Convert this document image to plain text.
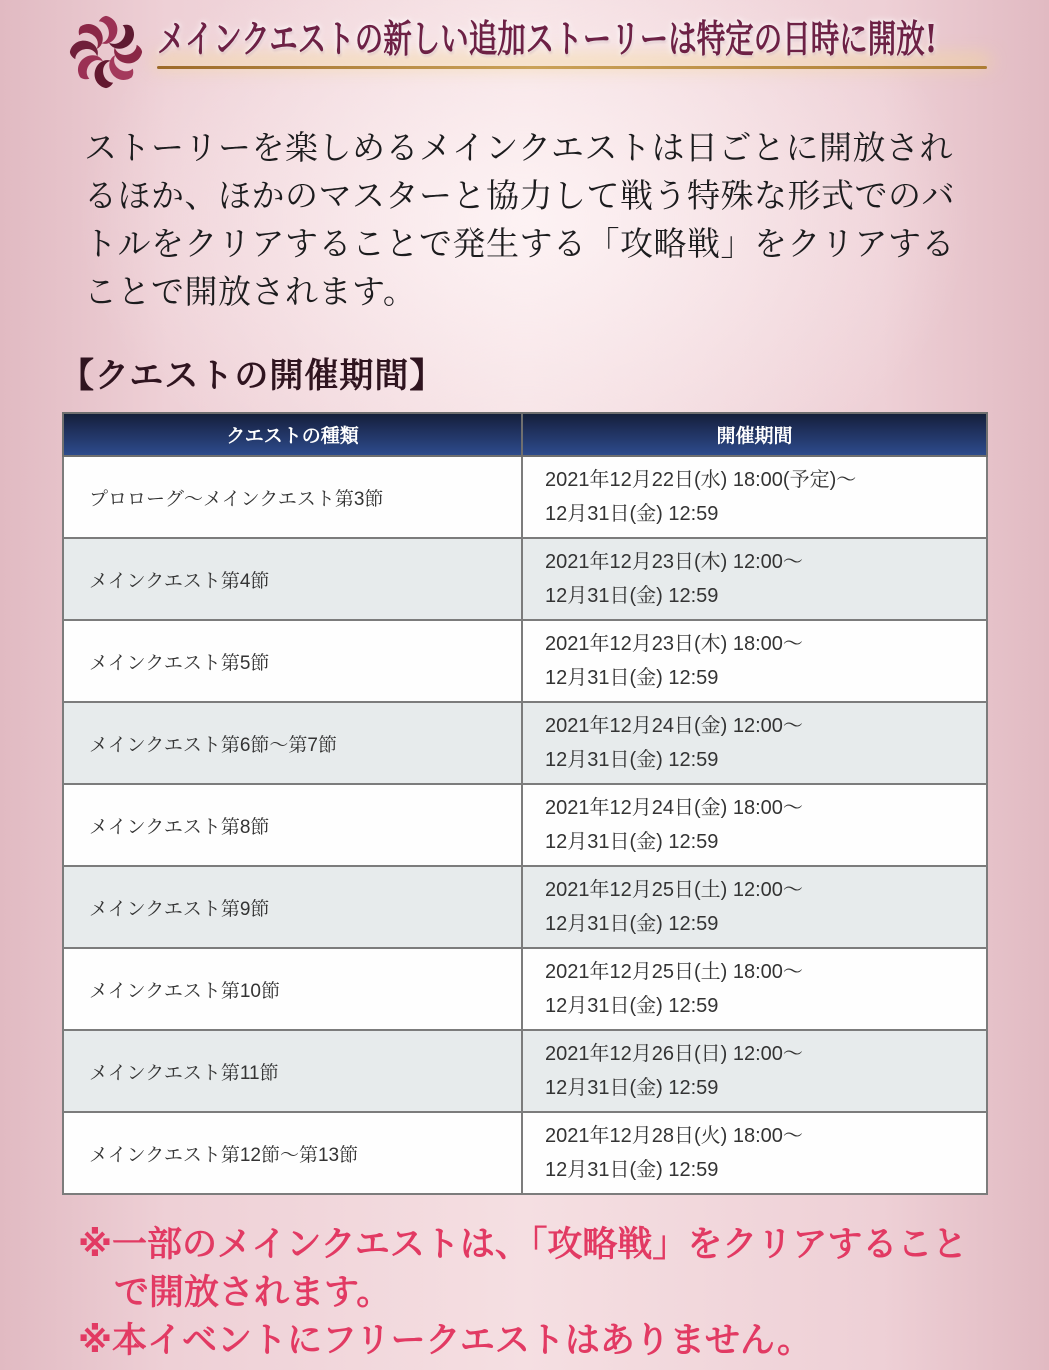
メインクエストの新しい追加ストーリーは特定の日時に開放!
ストーリーを楽しめるメインクエストは日ごとに開放され
るほか、ほかのマスターと協力して戦う特殊な形式でのバ
トルをクリアすることで発生する「攻略戦」をクリアする
ことで開放されます。
【クエストの開催期間】
クエストの種類	開催期間
プロローグ〜メインクエスト第3節	2021年12月22日(水) 18:00(予定)〜
12月31日(金) 12:59

メインクエスト第4節	2021年12月23日(木) 12:00〜
12月31日(金) 12:59

メインクエスト第5節	2021年12月23日(木) 18:00〜
12月31日(金) 12:59

メインクエスト第6節〜第7節	2021年12月24日(金) 12:00〜
12月31日(金) 12:59

メインクエスト第8節	2021年12月24日(金) 18:00〜
12月31日(金) 12:59

メインクエスト第9節	2021年12月25日(土) 12:00〜
12月31日(金) 12:59

メインクエスト第10節	2021年12月25日(土) 18:00〜
12月31日(金) 12:59

メインクエスト第11節	2021年12月26日(日) 12:00〜
12月31日(金) 12:59

メインクエスト第12節〜第13節	2021年12月28日(火) 18:00〜
12月31日(金) 12:59
※一部のメインクエストは、「攻略戦」をクリアすること
で開放されます。
※本イベントにフリークエストはありません。
